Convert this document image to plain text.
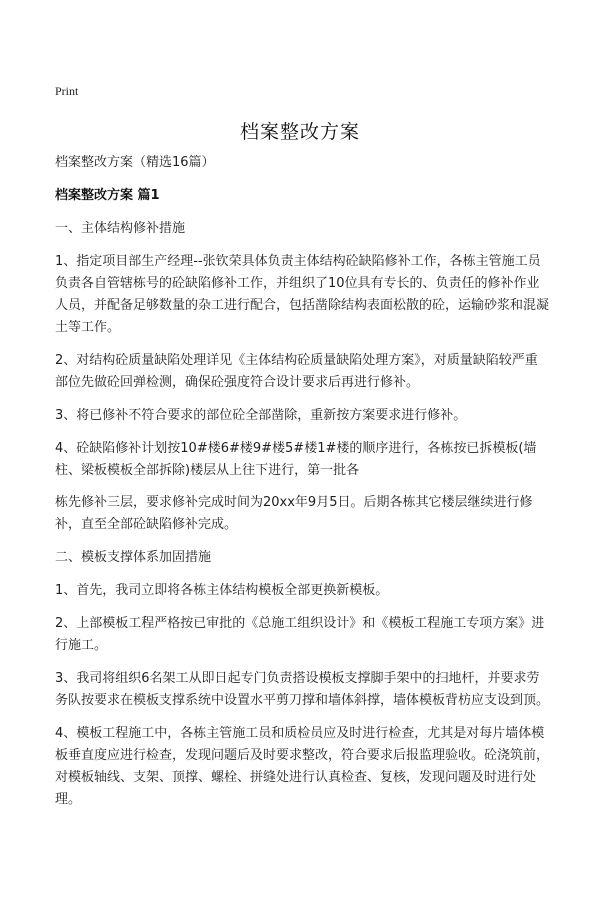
Print
档案整改方案

档案整改方案（精选16篇）

档案整改方案 篇1

一、主体结构修补措施

1、指定项目部生产经理--张钦荣具体负责主体结构砼缺陷修补工作，各栋主管施工员负责各自管辖栋号的砼缺陷修补工作，并组织了10位具有专长的、负责任的修补作业人员，并配备足够数量的杂工进行配合，包括凿除结构表面松散的砼，运输砂浆和混凝土等工作。

2、对结构砼质量缺陷处理详见《主体结构砼质量缺陷处理方案》，对质量缺陷较严重部位先做砼回弹检测，确保砼强度符合设计要求后再进行修补。

3、将已修补不符合要求的部位砼全部凿除，重新按方案要求进行修补。

4、砼缺陷修补计划按10#楼6#楼9#楼5#楼1#楼的顺序进行，各栋按已拆模板(墙柱、梁板模板全部拆除)楼层从上往下进行，第一批各

栋先修补三层，要求修补完成时间为20xx年9月5日。后期各栋其它楼层继续进行修补，直至全部砼缺陷修补完成。

二、模板支撑体系加固措施

1、首先，我司立即将各栋主体结构模板全部更换新模板。

2、上部模板工程严格按已审批的《总施工组织设计》和《模板工程施工专项方案》进行施工。

3、我司将组织6名架工从即日起专门负责搭设模板支撑脚手架中的扫地杆，并要求劳务队按要求在模板支撑系统中设置水平剪刀撑和墙体斜撑，墙体模板背枋应支设到顶。

4、模板工程施工中，各栋主管施工员和质检员应及时进行检查，尤其是对每片墙体模板垂直度应进行检查，发现问题后及时要求整改，符合要求后报监理验收。砼浇筑前，对模板轴线、支架、顶撑、螺栓、拼缝处进行认真检查、复核，发现问题及时进行处理。
